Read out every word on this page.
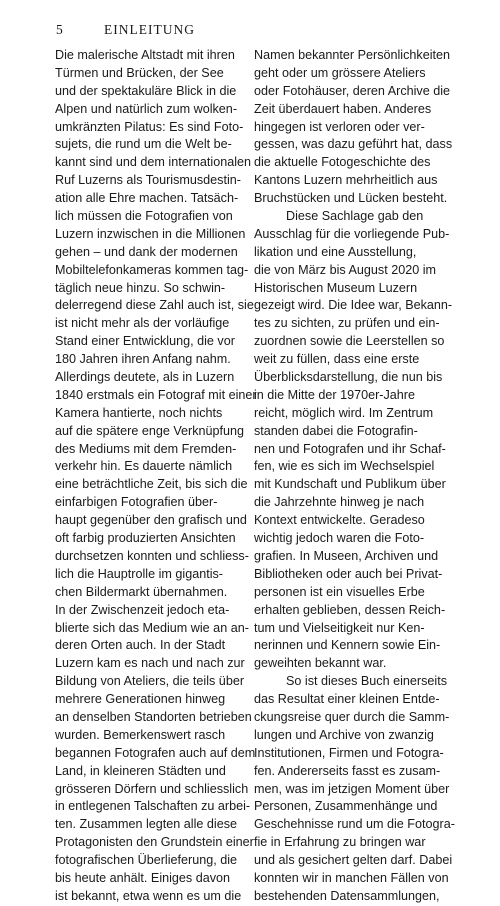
5	EINLEITUNG
Die malerische Altstadt mit ihren
Türmen und Brücken, der See
und der spektakuläre Blick in die
Alpen und natürlich zum wolken-
umkränzten Pilatus: Es sind Foto-
sujets, die rund um die Welt be-
kannt sind und dem internationalen
Ruf Luzerns als Tourismusdestin-
ation alle Ehre machen. Tatsäch-
lich müssen die Fotografien von
Luzern inzwischen in die Millionen
gehen – und dank der modernen
Mobiltelefonkameras kommen tag-
täglich neue hinzu. So schwin-
delerregend diese Zahl auch ist, sie
ist nicht mehr als der vorläufige
Stand einer Entwicklung, die vor
180 Jahren ihren Anfang nahm.
Allerdings deutete, als in Luzern
1840 erstmals ein Fotograf mit einer
Kamera hantierte, noch nichts
auf die spätere enge Verknüpfung
des Mediums mit dem Fremden-
verkehr hin. Es dauerte nämlich
eine beträchtliche Zeit, bis sich die
einfarbigen Fotografien über-
haupt gegenüber den grafisch und
oft farbig produzierten Ansichten
durchsetzen konnten und schliess-
lich die Hauptrolle im gigantis-
chen Bildermarkt übernahmen.
In der Zwischenzeit jedoch eta-
blierte sich das Medium wie an an-
deren Orten auch. In der Stadt
Luzern kam es nach und nach zur
Bildung von Ateliers, die teils über
mehrere Generationen hinweg
an denselben Standorten betrieben
wurden. Bemerkenswert rasch
begannen Fotografen auch auf dem
Land, in kleineren Städten und
grösseren Dörfern und schliesslich
in entlegenen Talschaften zu arbei-
ten. Zusammen legten alle diese
Protagonisten den Grundstein einer
fotografischen Überlieferung, die
bis heute anhält. Einiges davon
ist bekannt, etwa wenn es um die
Namen bekannter Persönlichkeiten
geht oder um grössere Ateliers
oder Fotohäuser, deren Archive die
Zeit überdauert haben. Anderes
hingegen ist verloren oder ver-
gessen, was dazu geführt hat, dass
die aktuelle Fotogeschichte des
Kantons Luzern mehrheitlich aus
Bruchstücken und Lücken besteht.
Diese Sachlage gab den
Ausschlag für die vorliegende Pub-
likation und eine Ausstellung,
die von März bis August 2020 im
Historischen Museum Luzern
gezeigt wird. Die Idee war, Bekann-
tes zu sichten, zu prüfen und ein-
zuordnen sowie die Leerstellen so
weit zu füllen, dass eine erste
Überblicksdarstellung, die nun bis
in die Mitte der 1970er-Jahre
reicht, möglich wird. Im Zentrum
standen dabei die Fotografin-
nen und Fotografen und ihr Schaf-
fen, wie es sich im Wechselspiel
mit Kundschaft und Publikum über
die Jahrzehnte hinweg je nach
Kontext entwickelte. Geradeso
wichtig jedoch waren die Foto-
grafien. In Museen, Archiven und
Bibliotheken oder auch bei Privat-
personen ist ein visuelles Erbe
erhalten geblieben, dessen Reich-
tum und Vielseitigkeit nur Ken-
nerinnen und Kennern sowie Ein-
geweihten bekannt war.
So ist dieses Buch einerseits
das Resultat einer kleinen Entde-
ckungsreise quer durch die Samm-
lungen und Archive von zwanzig
Institutionen, Firmen und Fotogra-
fen. Andererseits fasst es zusam-
men, was im jetzigen Moment über
Personen, Zusammenhänge und
Geschehnisse rund um die Fotogra-
fie in Erfahrung zu bringen war
und als gesichert gelten darf. Dabei
konnten wir in manchen Fällen von
bestehenden Datensammlungen,
